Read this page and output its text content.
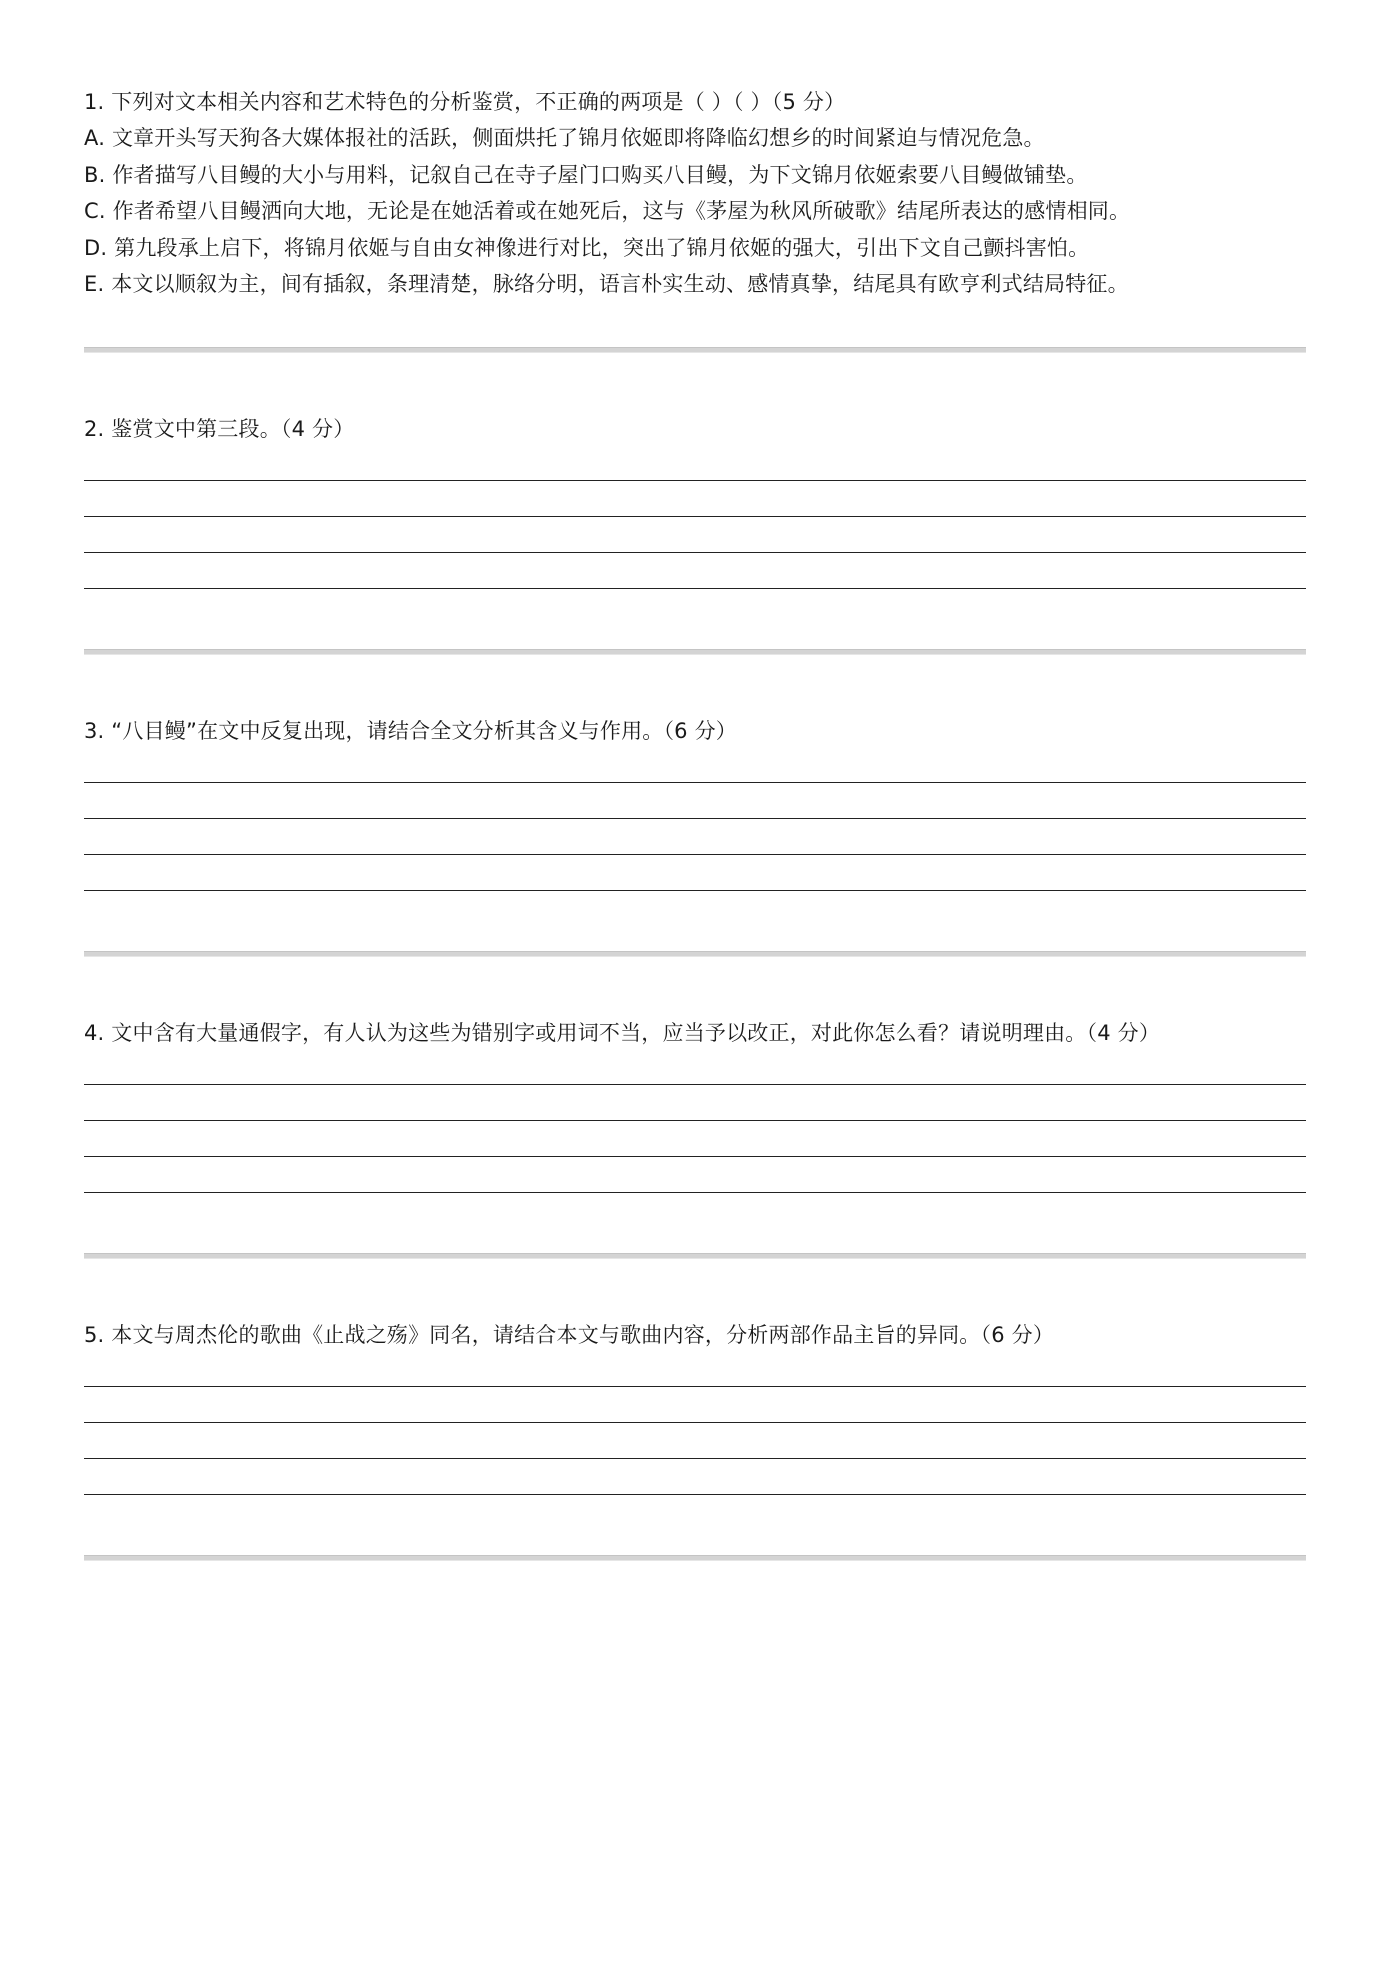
1. 下列对文本相关内容和艺术特色的分析鉴赏，不正确的两项是（ ）（ ）（5 分）
A. 文章开头写天狗各大媒体报社的活跃，侧面烘托了锦月依姬即将降临幻想乡的时间紧迫与情况危急。
B. 作者描写八目鳗的大小与用料，记叙自己在寺子屋门口购买八目鳗，为下文锦月依姬索要八目鳗做铺垫。
C. 作者希望八目鳗洒向大地，无论是在她活着或在她死后，这与《茅屋为秋风所破歌》结尾所表达的感情相同。
D. 第九段承上启下，将锦月依姬与自由女神像进行对比，突出了锦月依姬的强大，引出下文自己颤抖害怕。
E. 本文以顺叙为主，间有插叙，条理清楚，脉络分明，语言朴实生动、感情真挚，结尾具有欧亨利式结局特征。
2. 鉴赏文中第三段。（4 分）
3. “八目鳗”在文中反复出现，请结合全文分析其含义与作用。（6 分）
4. 文中含有大量通假字，有人认为这些为错别字或用词不当，应当予以改正，对此你怎么看？请说明理由。（4 分）
5. 本文与周杰伦的歌曲《止战之殇》同名，请结合本文与歌曲内容，分析两部作品主旨的异同。（6 分）
